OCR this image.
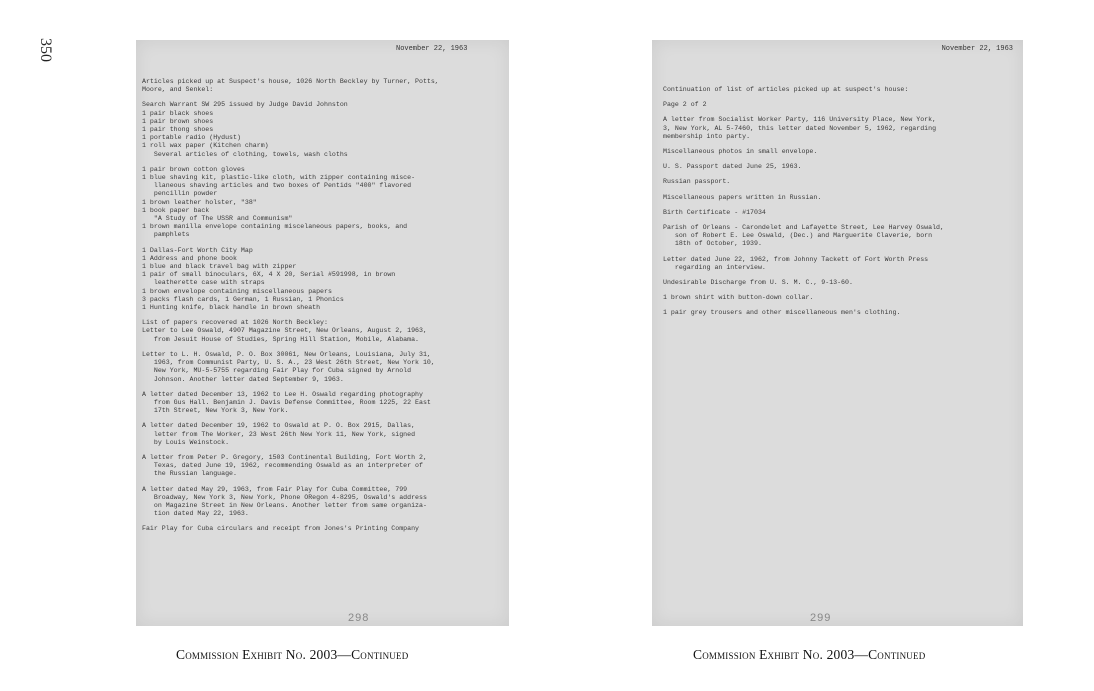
350	November 22, 1963
Articles picked up at Suspect's house, 1026 North Beckley by Turner, Potts,
Moore, and Senkel:
Search Warrant SW 295 issued by Judge David Johnston
1 pair black shoes
1 pair brown shoes
1 pair thong shoes
1 portable radio (Hydust)
1 roll wax paper (Kitchen charm)
Several articles of clothing, towels, wash cloths
1 pair brown cotton gloves
1 blue shaving kit, plastic-like cloth, with zipper containing misce-
llaneous shaving articles and two boxes of Pentids "400" flavored
pencillin powder
1 brown leather holster, "38"
1 book paper back
"A Study of The USSR and Communism"
1 brown manilla envelope containing miscelaneous papers, books, and
pamphlets
1 Dallas-Fort Worth City Map
1 Address and phone book
1 blue and black travel bag with zipper
1 pair of small binoculars, 6X, 4 X 20, Serial #591998, in brown
leatherette case with straps
1 brown envelope containing miscellaneous papers
3 packs flash cards, 1 German, 1 Russian, 1 Phonics
1 Hunting knife, black handle in brown sheath
List of papers recovered at 1026 North Beckley:
Letter to Lee Oswald, 4907 Magazine Street, New Orleans, August 2, 1963,
from Jesuit House of Studies, Spring Hill Station, Mobile, Alabama.
Letter to L. H. Oswald, P. O. Box 30061, New Orleans, Louisiana, July 31,
1963, from Communist Party, U. S. A., 23 West 26th Street, New York 10,
New York, MU-5-5755 regarding Fair Play for Cuba signed by Arnold
Johnson. Another letter dated September 9, 1963.
A letter dated December 13, 1962 to Lee H. Oswald regarding photography
from Gus Hall. Benjamin J. Davis Defense Committee, Room 1225, 22 East
17th Street, New York 3, New York.
A letter dated December 19, 1962 to Oswald at P. O. Box 2915, Dallas,
letter from The Worker, 23 West 26th New York 11, New York, signed
by Louis Weinstock.
A letter from Peter P. Gregory, 1503 Continental Building, Fort Worth 2,
Texas, dated June 19, 1962, recommending Oswald as an interpreter of
the Russian language.
A letter dated May 29, 1963, from Fair Play for Cuba Committee, 799
Broadway, New York 3, New York, Phone ORegon 4-8295, Oswald's address
on Magazine Street in New Orleans. Another letter from same organiza-
tion dated May 22, 1963.
Fair Play for Cuba circulars and receipt from Jones's Printing Company
298
November 22, 1963
Continuation of list of articles picked up at suspect's house:
Page 2 of 2
A letter from Socialist Worker Party, 116 University Place, New York,
3, New York, AL 5-7460, this letter dated November 5, 1962, regarding
membership into party.
Miscellaneous photos in small envelope.
U. S. Passport dated June 25, 1963.
Russian passport.
Miscellaneous papers written in Russian.
Birth Certificate - #17034
Parish of Orleans - Carondelet and Lafayette Street, Lee Harvey Oswald,
son of Robert E. Lee Oswald, (Dec.) and Marguerite Claverie, born
18th of October, 1939.
Letter dated June 22, 1962, from Johnny Tackett of Fort Worth Press
regarding an interview.
Undesirable Discharge from U. S. M. C., 9-13-60.
1 brown shirt with button-down collar.
1 pair grey trousers and other miscellaneous men's clothing.
299
Commission Exhibit No. 2003—Continued	Commission Exhibit No. 2003—Continued
